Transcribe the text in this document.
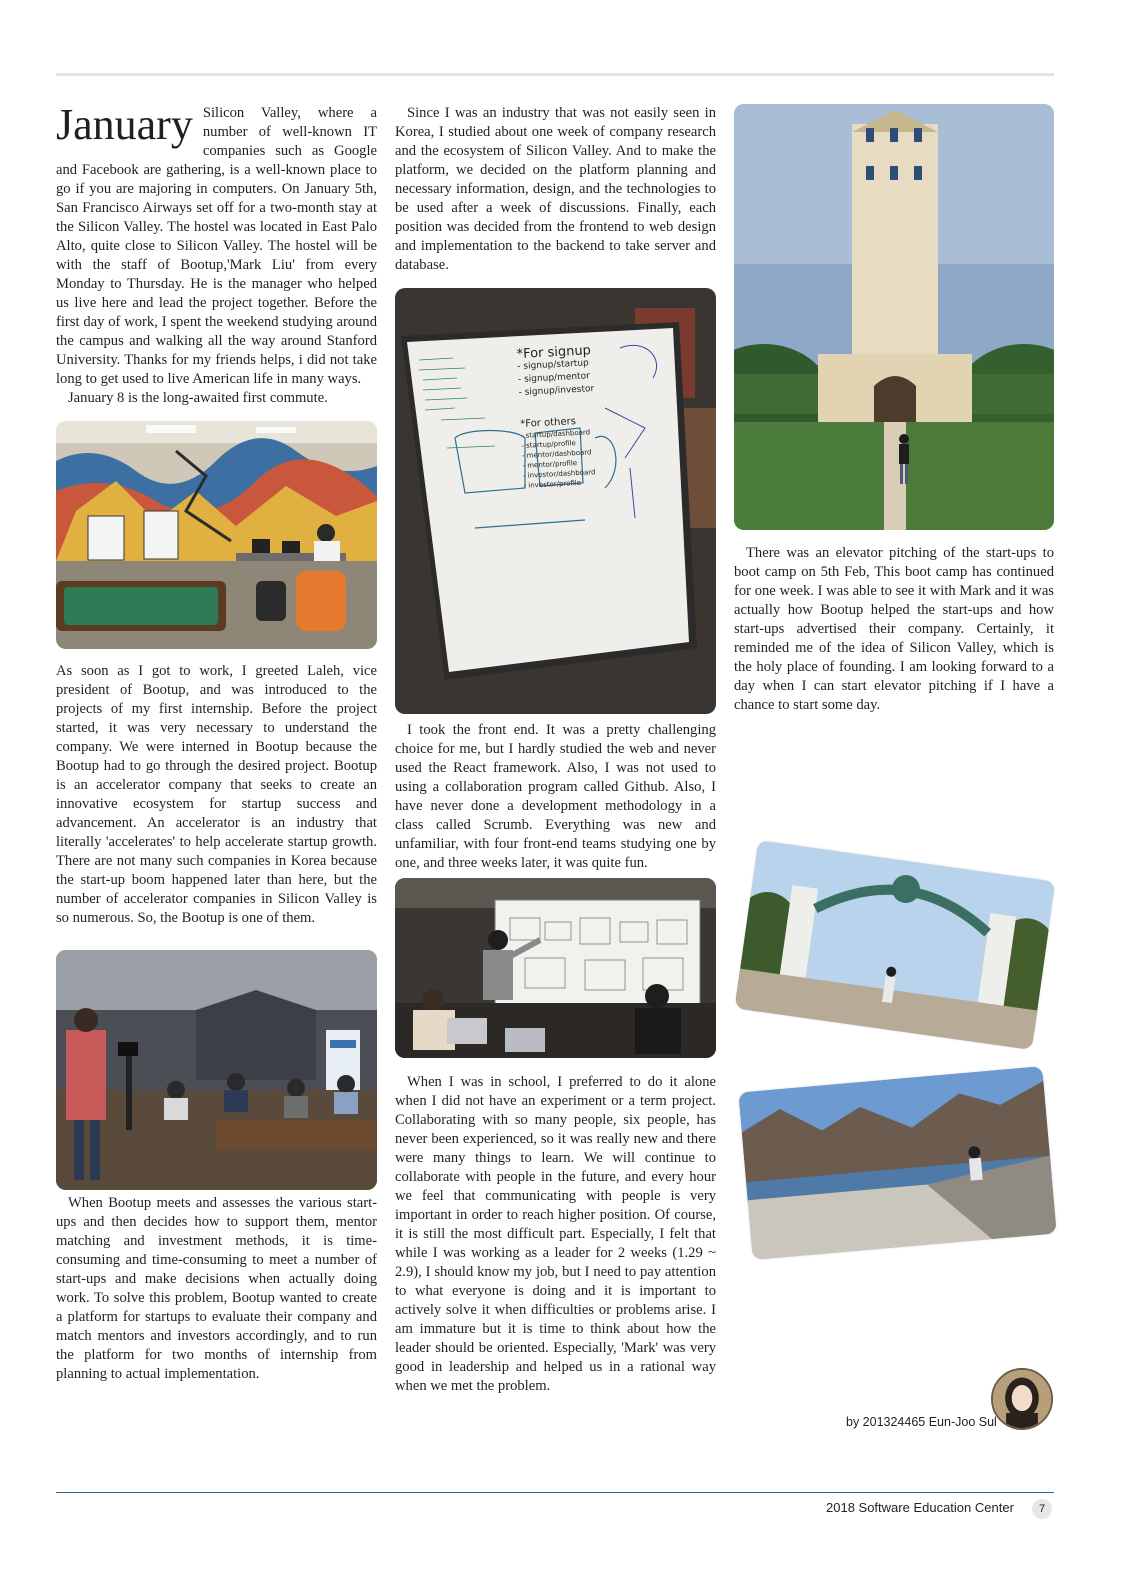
January Silicon Valley, where a number of well-known IT companies such as Google and Facebook are gathering, is a well-known place to go if you are majoring in computers. On January 5th, San Francisco Airways set off for a two-month stay at the Silicon Valley. The hostel was located in East Palo Alto, quite close to Silicon Valley. The hostel will be with the staff of Bootup,'Mark Liu' from every Monday to Thursday. He is the manager who helped us live here and lead the project together. Before the first day of work, I spent the weekend studying around the campus and walking all the way around Stanford University. Thanks for my friends helps, i did not take long to get used to live American life in many ways.

January 8 is the long-awaited first commute.

As soon as I got to work, I greeted Laleh, vice president of Bootup, and was introduced to the projects of my first internship. Before the project started, it was very necessary to understand the company. We were interned in Bootup because the Bootup had to go through the desired project. Bootup is an accelerator company that seeks to create an innovative ecosystem for startup success and advancement. An accelerator is an industry that literally 'accelerates' to help accelerate startup growth. There are not many such companies in Korea because the start-up boom happened later than here, but the number of accelerator companies in Silicon Valley is so numerous. So, the Bootup is one of them.

When Bootup meets and assesses the various start-ups and then decides how to support them, mentor matching and investment methods, it is time-consuming and time-consuming to meet a number of start-ups and make decisions when actually doing work. To solve this problem, Bootup wanted to create a platform for startups to evaluate their company and match mentors and investors accordingly, and to run the platform for two months of internship from planning to actual implementation.

Since I was an industry that was not easily seen in Korea, I studied about one week of company research and the ecosystem of Silicon Valley. And to make the platform, we decided on the platform planning and necessary information, design, and the technologies to be used after a week of discussions. Finally, each position was decided from the frontend to web design and implementation to the backend to take server and database.

*For signup
- signup/startup
- signup/mentor
- signup/investor
*For others
- startup/dashboard
- startup/profile
- mentor/dashboard
- mentor/profile
- investor/dashboard
- investor/profile

I took the front end. It was a pretty challenging choice for me, but I hardly studied the web and never used the React framework. Also, I was not used to using a collaboration program called Github. Also, I have never done a development methodology in a class called Scrumb. Everything was new and unfamiliar, with four front-end teams studying one by one, and three weeks later, it was quite fun.

When I was in school, I preferred to do it alone when I did not have an experiment or a term project. Collaborating with so many people, six people, has never been experienced, so it was really new and there were many things to learn. We will continue to collaborate with people in the future, and every hour we feel that communicating with people is very important in order to reach higher position. Of course, it is still the most difficult part. Especially, I felt that while I was working as a leader for 2 weeks (1.29 ~ 2.9), I should know my job, but I need to pay attention to what everyone is doing and it is important to actively solve it when difficulties or problems arise. I am immature but it is time to think about how the leader should be oriented. Especially, 'Mark' was very good in leadership and helped us in a rational way when we met the problem.

There was an elevator pitching of the start-ups to boot camp on 5th Feb, This boot camp has continued for one week. I was able to see it with Mark and it was actually how Bootup helped the start-ups and how start-ups advertised their company. Certainly, it reminded me of the idea of Silicon Valley, which is the holy place of founding. I am looking forward to a day when I can start elevator pitching if I have a chance to start some day.

by 201324465 Eun-Joo Sul
2018 Software Education Center	7
